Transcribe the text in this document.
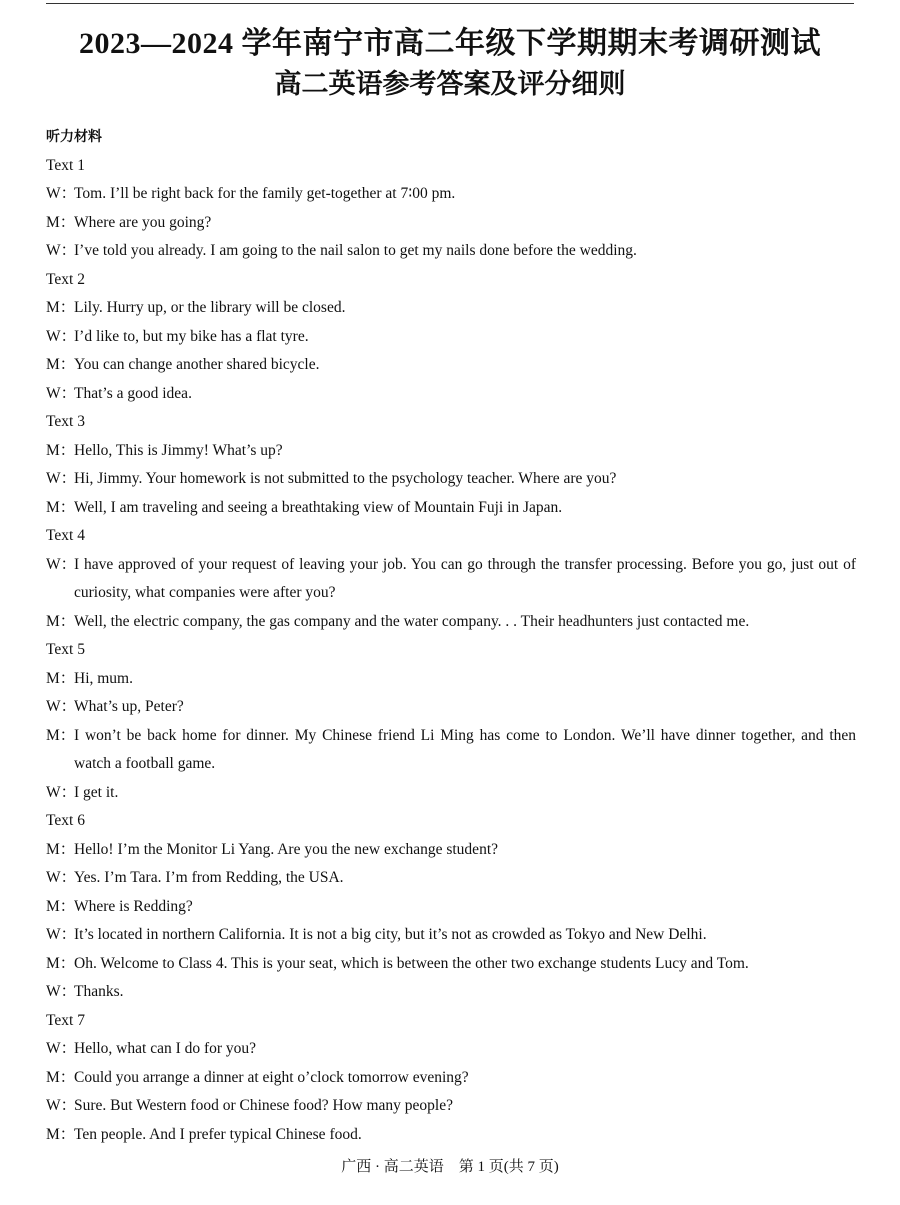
2023—2024 学年南宁市高二年级下学期期末考调研测试
高二英语参考答案及评分细则
听力材料
Text 1
W：
Tom. I’ll be right back for the family get-together at 7∶00 pm.
M：
Where are you going?
W：
I’ve told you already. I am going to the nail salon to get my nails done before the wedding.
Text 2
M：
Lily. Hurry up, or the library will be closed.
W：
I’d like to, but my bike has a flat tyre.
M：
You can change another shared bicycle.
W：
That’s a good idea.
Text 3
M：
Hello, This is Jimmy! What’s up?
W：
Hi, Jimmy. Your homework is not submitted to the psychology teacher. Where are you?
M：
Well, I am traveling and seeing a breathtaking view of Mountain Fuji in Japan.
Text 4
W：
I have approved of your request of leaving your job. You can go through the transfer processing. Before you go, just out of curiosity, what companies were after you?
M：
Well, the electric company, the gas company and the water company. . . Their headhunters just contacted me.
Text 5
M：
Hi, mum.
W：
What’s up, Peter?
M：
I won’t be back home for dinner. My Chinese friend Li Ming has come to London. We’ll have dinner together, and then watch a football game.
W：
I get it.
Text 6
M：
Hello! I’m the Monitor Li Yang. Are you the new exchange student?
W：
Yes. I’m Tara. I’m from Redding, the USA.
M：
Where is Redding?
W：
It’s located in northern California. It is not a big city, but it’s not as crowded as Tokyo and New Delhi.
M：
Oh. Welcome to Class 4. This is your seat, which is between the other two exchange students Lucy and Tom.
W：
Thanks.
Text 7
W：
Hello, what can I do for you?
M：
Could you arrange a dinner at eight o’clock tomorrow evening?
W：
Sure. But Western food or Chinese food? How many people?
M：
Ten people. And I prefer typical Chinese food.
广西 · 高二英语　第 1 页(共 7 页)
